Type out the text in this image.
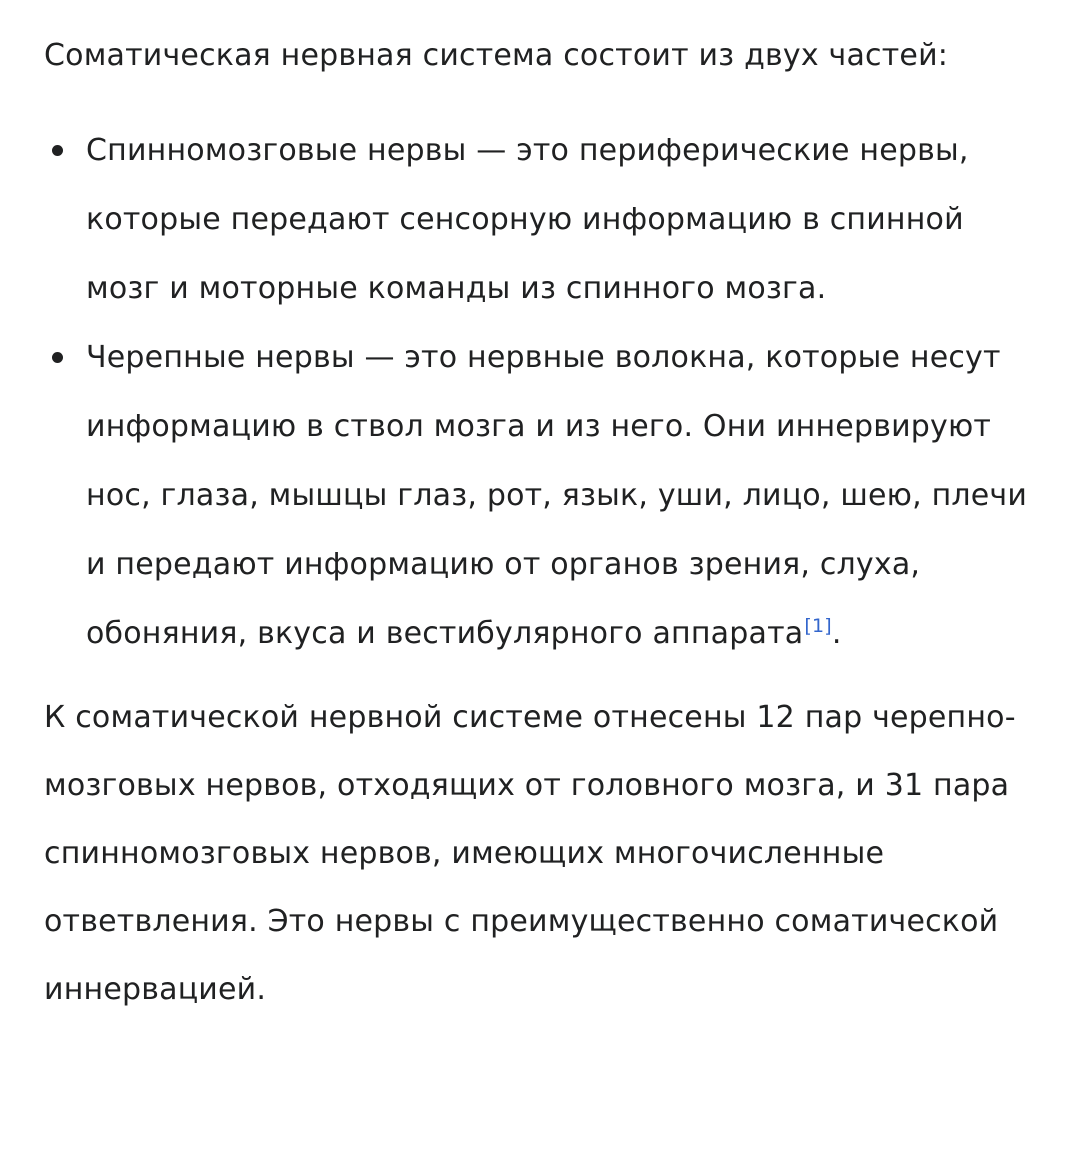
Соматическая нервная система состоит из двух частей:

Спинномозговые нервы — это периферические нервы, которые передают сенсорную информацию в спинной мозг и моторные команды из спинного мозга.
Черепные нервы — это нервные волокна, которые несут информацию в ствол мозга и из него. Они иннервируют нос, глаза, мышцы глаз, рот, язык, уши, лицо, шею, плечи и передают информацию от органов зрения, слуха, обоняния, вкуса и вестибулярного аппарата[1].

К соматической нервной системе отнесены 12 пар черепно-мозговых нервов, отходящих от головного мозга, и 31 пара спинномозговых нервов, имеющих многочисленные ответвления. Это нервы с преимущественно соматической иннервацией.
